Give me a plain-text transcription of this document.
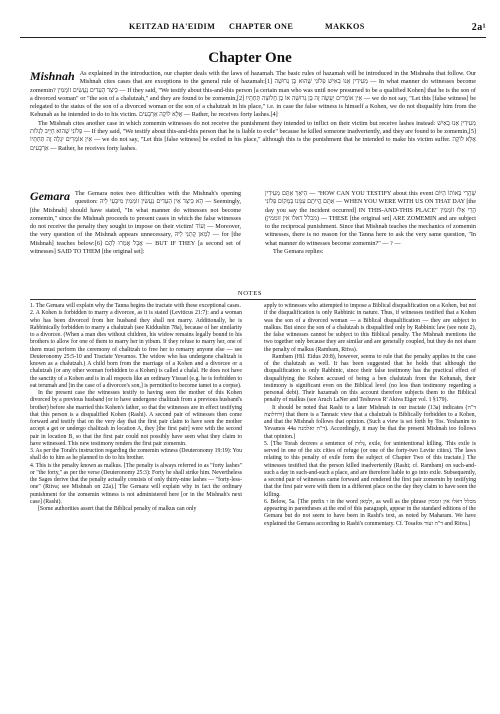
KEITZAD HA'EIDIM CHAPTER ONE	MAKKOS	2a¹
Chapter One
Mishnah As explained in the introduction, our chapter deals with the laws of hazamah. The basic rules of hazamah will be introduced in the Mishnahs that follow. Our Mishnah cites cases that are exceptions to the general rule of hazamah:[1] מְעִידִין אֵנוּ בְאִישׁ פְּלוֹנִי שֶׁהוּא בֶּן גְּרוּשָׁה — In what manner do witnesses become zomemin? כֵּיצַד הָעֵדִים נַעֲשִׂים זוֹמְמִין — If they said, "We testify about this-and-this person [a certain man who was until now presumed to be a qualified Kohen] that he is the son of a divorced woman" or "the son of a chalutzah," and they are found to be zomemin,[2] אֵין אוֹמְרִים יֵעָשֶׂה זֶה בֶּן גְּרוּשָׁה אוֹ בֶן חֲלוּצָה תַּחְתָּיו — we do not say, "Let this [false witness] be relegated to the status of the son of a divorced woman or the son of a chalutzah in his place," i.e. in case the false witness is himself a Kohen, we do not disqualify him from the Kehunah as he intended to do to his victim. אֶלָּא לוֹקֶה אַרְבָּעִים — Rather, he receives forty lashes.[4]

The Mishnah cites another case in which zomemin witnesses do not receive the punishment they intended to inflict on their victim but receive lashes instead: מְעִידִין אֵנוּ בְאִישׁ פְּלוֹנִי שֶׁהוּא חַיָּיב לִגְלוֹת — If they said, "We testify about this-and-this person that he is liable to exile" because he killed someone inadvertently, and they are found to be zomemin,[5] אֵין אוֹמְרִים יִגְלֶה זֶה תַּחְתָּיו — we do not say, "Let this [false witness] be exiled in his place," although this is the punishment that he intended to make his victim suffer. אֶלָּא לוֹקֶה אַרְבָּעִים — Rather, he receives forty lashes.

Gemara The Gemara notes two difficulties with the Mishnah's opening question: הָא כֵּיצַד אֵין הָעֵדִים נַעֲשִׂין זוֹמְמִין מִיבְּעֵי לֵיהּ — Seemingly, [the Mishnah] should have stated, "In what manner do witnesses not become zomemin," since the Mishnah proceeds to present cases in which the false witnesses do not receive the penalty they sought to impose on their victim! וְעוֹד — Moreover, the very question of the Mishnah appears unnecessary, לְמַאן קָתָנֵי לֵיהּ — for [the Mishnah] teaches below:[6] אֲבָל אָמְרוּ לָהֶם — BUT IF THEY [a second set of witnesses] SAID TO THEM [the original set]:

הֵיאָךְ אַתֶּם מְעִידִין — "HOW CAN YOU TESTIFY about this event שֶׁהֲרֵי בְּאוֹתוֹ הַיּוֹם אַתֶּם הֱיִיתֶם עִמָּנוּ בְּמָקוֹם פְּלוֹנִי — WHEN YOU WERE WITH US ON THAT DAY [the day you say the incident occurred] IN THIS-AND-THIS PLACE" הֲרֵי אֵלּוּ זוֹמְמִין (מכלל דאלו אין זוממין) — THESE [the original set] ARE ZOMEMIN and are subject to the reciprocal punishment. Since that Mishnah teaches the mechanics of zomemin witnesses, there is no reason for the Tanna here to ask the very same question, "In what manner do witnesses become zomemin?" — ? —

The Gemara replies:

NOTES

1. The Gemara will explain why the Tanna begins the tractate with these exceptional cases.

2. A Kohen is forbidden to marry a divorcee, as it is stated (Leviticus 21:7): and a woman who has been divorced from her husband they shall not marry. Additionally, he is Rabbinically forbidden to marry a chalutzah (see Kiddushin 78a), because of her similarity to a divorcee. (When a man dies without children, his widow remains legally bound to his brothers to allow for one of them to marry her in yibum. If they refuse to marry her, one of them must perform the ceremony of chalitzah to free her to remarry anyone else — see Deuteronomy 25:5-10 and Tractate Yevamos. The widow who has undergone chalitzah is known as a chalutzah.) A child born from the marriage of a Kohen and a divorcee or a chalutzah (or any other woman forbidden to a Kohen) is called a chalal. He does not have the sanctity of a Kohen and is in all respects like an ordinary Yisrael (e.g. he is forbidden to eat terumah and [in the case of a divorcee's son,] is permitted to become tamei to a corpse).

In the present case the witnesses testify to having seen the mother of this Kohen divorced by a previous husband (or to have undergone chalitzah from a previous husband's brother) before she married this Kohen's father, so that the witnesses are in effect testifying that this person is a disqualified Kohen (Rashi). A second pair of witnesses then come forward and testify that on the very day that the first pair claim to have seen the mother accept a get or undergo chalitzah in location A, they [the first pair] were with the second pair in location B, so that the first pair could not possibly have seen what they claim to have witnessed. This new testimony renders the first pair zomemin.

3. As per the Torah's instruction regarding the zomemin witness (Deuteronomy 19:19): You shall do to him as he planned to do to his brother.

4. This is the penalty known as malkus. [The penalty is always referred to as "forty lashes" or "the forty," as per the verse (Deuteronomy 25:3): Forty he shall strike him. Nevertheless the Sages derive that the penalty actually consists of only thirty-nine lashes — "forty-less-one" (Ritva; see Mishnah on 22a).] The Gemara will explain why in fact the ordinary punishment for the zomemin witness is not administered here [or in the Mishnah's next case] (Rashi).

[Some authorities assert that the Biblical penalty of malkus can only

apply to witnesses who attempted to impose a Biblical disqualification on a Kohen, but not if the disqualification is only Rabbinic in nature. Thus, if witnesses testified that a Kohen was the son of a divorced woman — a Biblical disqualification — they are subject to malkus. But since the son of a chalutzah is disqualified only by Rabbinic law (see note 2), the false witnesses cannot be subject to this Biblical penalty. The Mishnah mentions the two together only because they are similar and are generally coupled, but they do not share the penalty of malkus (Rambam, Ritva).

Rambam (Hil. Eidus 20:8), however, seems to rule that the penalty applies in the case of the chalutzah as well. It has been suggested that he holds that although the disqualification is only Rabbinic, since their false testimony has the practical effect of disqualifying the Kohen accused of being a ben chalutzah from the Kehunah, their testimony is significant even on the Biblical level (no less than testimony regarding a personal debt). Their hazamah on this account therefore subjects them to the Biblical penalty of malkus (see Aruch LaNer and Teshuvos R' Akiva Eiger vol. 1 §179).

It should be noted that Rashi to a later Mishnah in our tractate (13a) indicates (ד"ה ודחלוצה) that there is a Tannaic view that a chalutzah is Biblically forbidden to a Kohen, and that the Mishnah follows that opinion. (Such a view is set forth by Tos. Yeshanim to Yevamos 44a ד"ה ואלמנה). Accordingly, it may be that the present Mishnah too follows that opinion.]

5. [The Torah decrees a sentence of גָּלוּת, exile, for unintentional killing. This exile is served in one of the six cities of refuge (or one of the forty-two Levite cities). The laws relating to this penalty of exile form the subject of Chapter Two of this tractate.] The witnesses testified that the person killed inadvertently (Rashi; cf. Rambam) on such-and-such a day in such-and-such a place, and are therefore liable to go into exile. Subsequently, a second pair of witnesses came forward and rendered the first pair zomemin by testifying that the first pair were with them in a different place on the day they claim to have seen the killing.

6. Below, 5a. [The prefix ו in the word וּלְמָאן, as well as the phrase מכלל דאלו אין זוממין appearing in parentheses at the end of this paragraph, appear in the standard editions of the Gemara but do not seem to have been in Rashi's text, as noted by Maharam. We have explained the Gemara according to Rashi's commentary. Cf. Tosafos ד"ה ועוד and Ritva.]
